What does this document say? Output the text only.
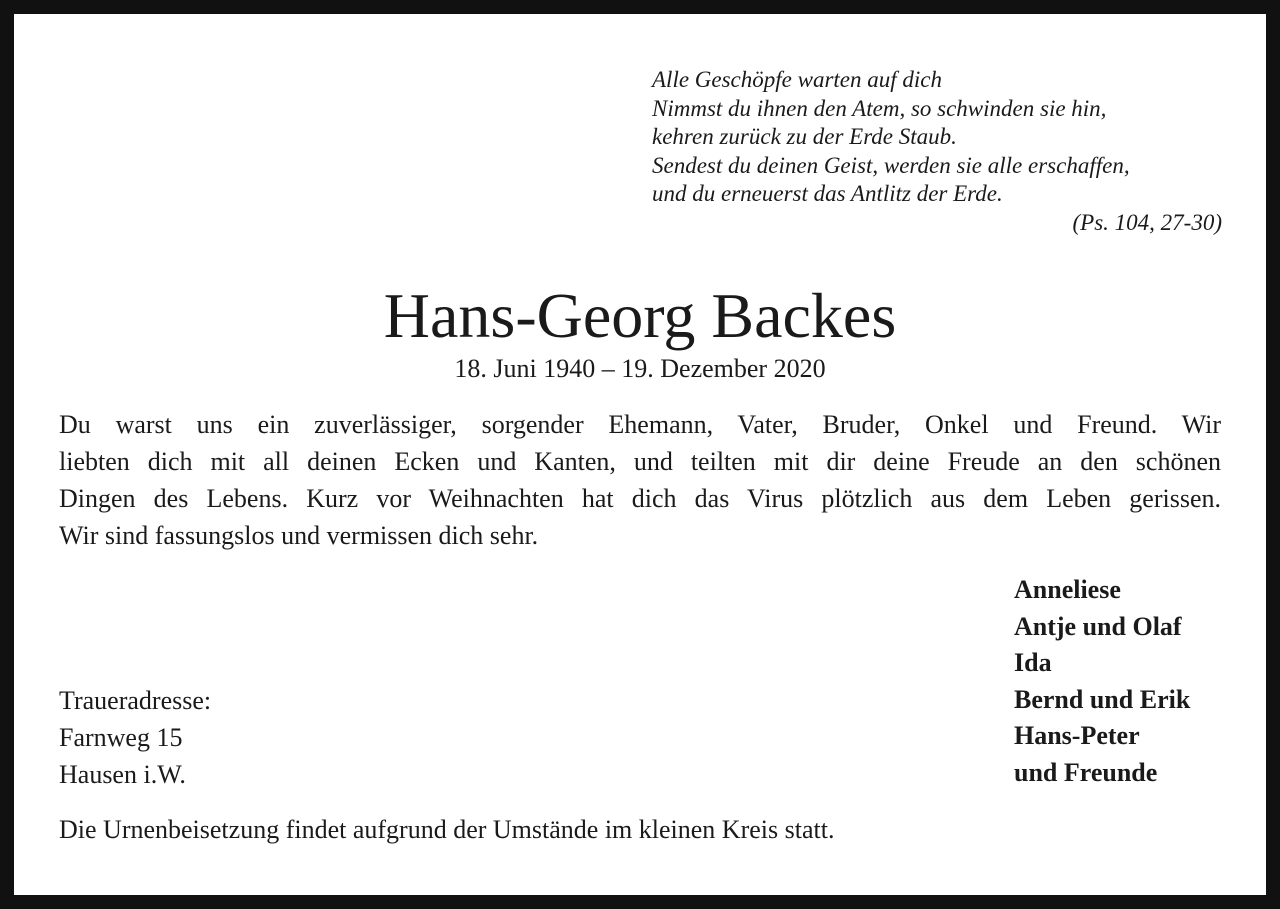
Alle Geschöpfe warten auf dich
Nimmst du ihnen den Atem, so schwinden sie hin,
kehren zurück zu der Erde Staub.
Sendest du deinen Geist, werden sie alle erschaffen,
und du erneuerst das Antlitz der Erde.
(Ps. 104, 27-30)
Hans-Georg Backes
18. Juni 1940 – 19. Dezember 2020
Du warst uns ein zuverlässiger, sorgender Ehemann, Vater, Bruder, Onkel und Freund. Wir
liebten dich mit all deinen Ecken und Kanten, und teilten mit dir deine Freude an den schönen
Dingen des Lebens. Kurz vor Weihnachten hat dich das Virus plötzlich aus dem Leben gerissen.
Wir sind fassungslos und vermissen dich sehr.
Anneliese
Antje und Olaf
Ida
Bernd und Erik
Hans-Peter
und Freunde
Traueradresse:
Farnweg 15
Hausen i.W.
Die Urnenbeisetzung findet aufgrund der Umstände im kleinen Kreis statt.
